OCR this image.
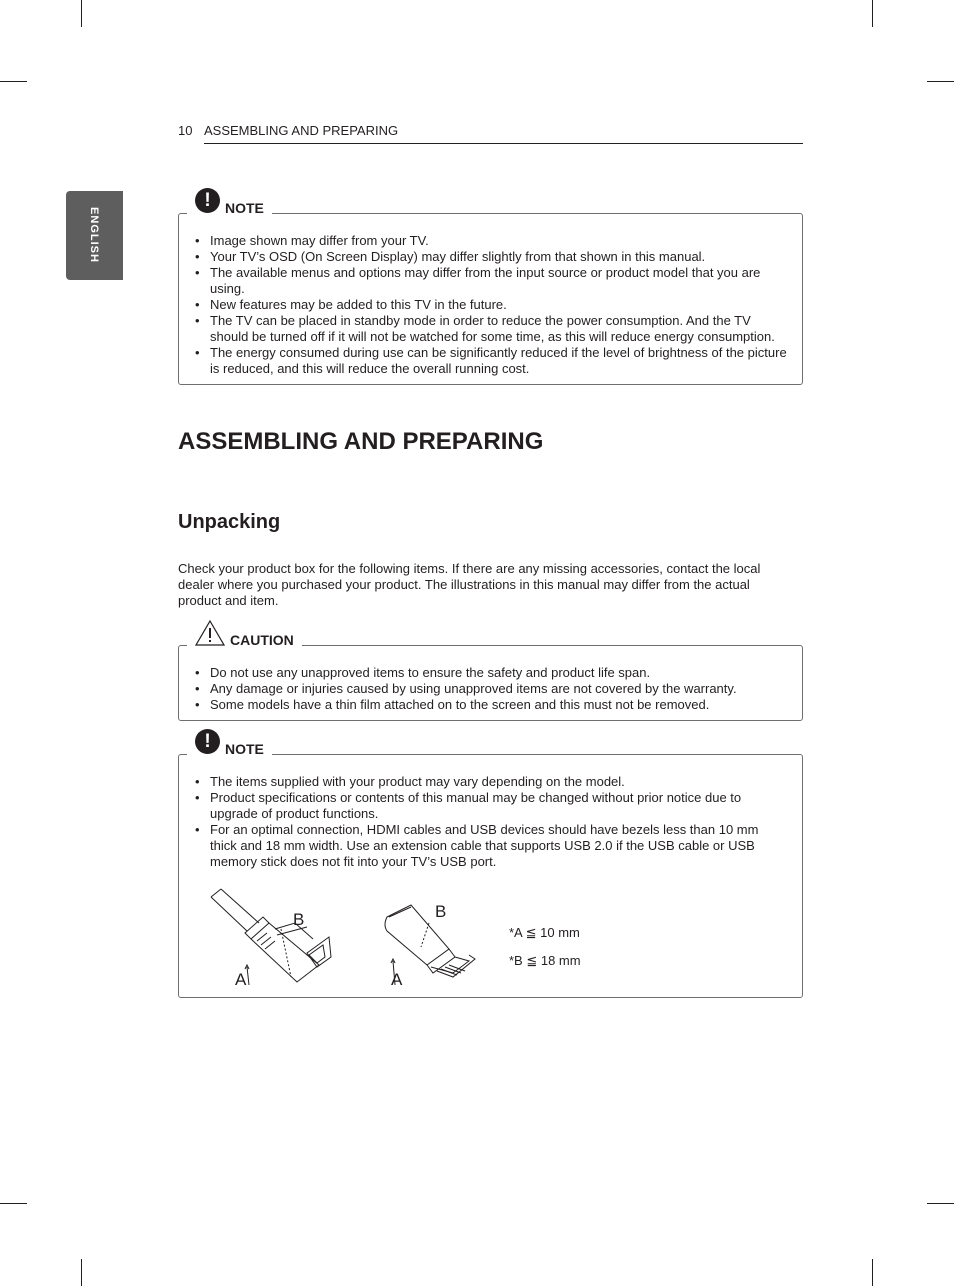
10 ASSEMBLING AND PREPARING
ENGLISH
!	NOTE
• Image shown may differ from your TV.
• Your TV’s OSD (On Screen Display) may differ slightly from that shown in this manual.
• The available menus and options may differ from the input source or product model that you are using.
• New features may be added to this TV in the future.
• The TV can be placed in standby mode in order to reduce the power consumption. And the TV should be turned off if it will not be watched for some time, as this will reduce energy consumption.
• The energy consumed during use can be significantly reduced if the level of brightness of the picture is reduced, and this will reduce the overall running cost.
ASSEMBLING AND PREPARING
Unpacking
Check your product box for the following items. If there are any missing accessories, contact the local dealer where you purchased your product. The illustrations in this manual may differ from the actual product and item.
CAUTION
• Do not use any unapproved items to ensure the safety and product life span.
• Any damage or injuries caused by using unapproved items are not covered by the warranty.
• Some models have a thin film attached on to the screen and this must not be removed.
!	NOTE
• The items supplied with your product may vary depending on the model.
• Product specifications or contents of this manual may be changed without prior notice due to upgrade of product functions.
• For an optimal connection, HDMI cables and USB devices should have bezels less than 10 mm thick and 18 mm width. Use an extension cable that supports USB 2.0 if the USB cable or USB memory stick does not fit into your TV’s USB port.
B
A
B
A
*A ≦ 10 mm
*B ≦ 18 mm
